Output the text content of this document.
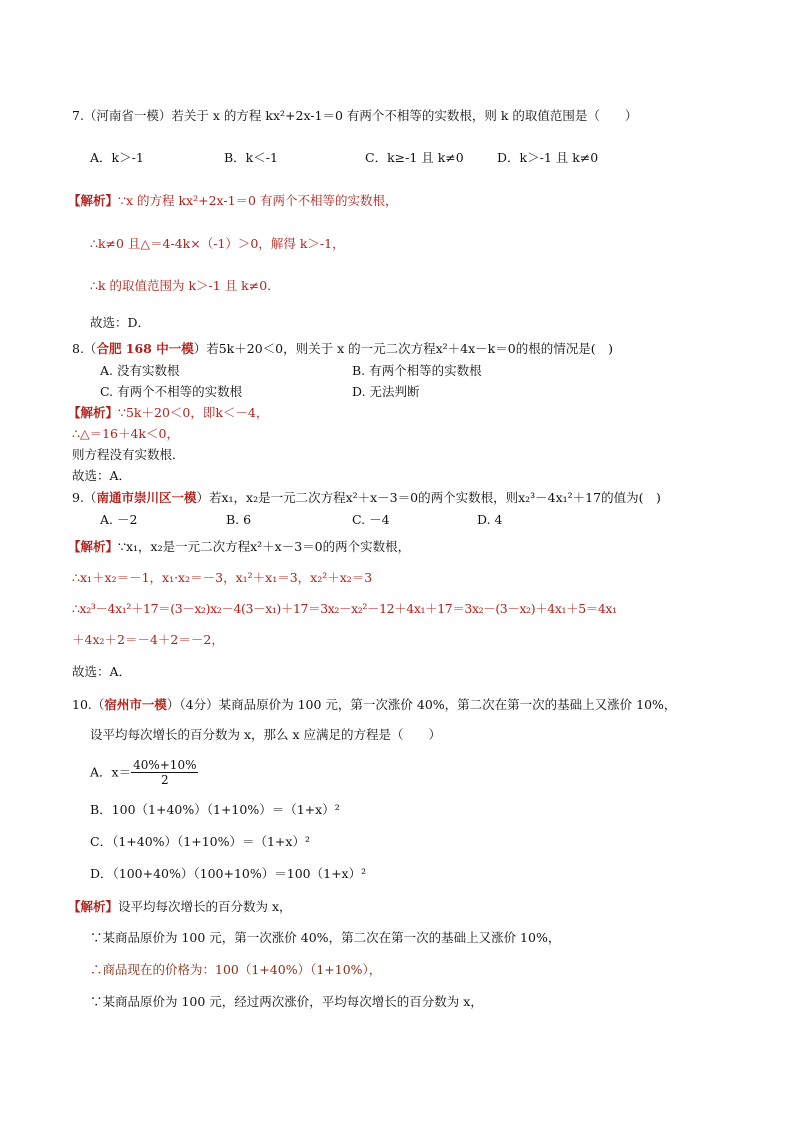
7.（河南省一模）若关于 x 的方程 kx²+2x-1＝0 有两个不相等的实数根，则 k 的取值范围是（　　）
A．k＞-1	B．k＜-1	C．k≥-1 且 k≠0	D．k＞-1 且 k≠0
【解析】∵x 的方程 kx²+2x-1＝0 有两个不相等的实数根，
∴k≠0 且△＝4-4k×（-1）＞0，解得 k＞-1，
∴k 的取值范围为 k＞-1 且 k≠0．
故选：D．
8.（合肥 168 中一模）若5k＋20＜0，则关于 x 的一元二次方程x²＋4x－k＝0的根的情况是(　)
A. 没有实数根	B. 有两个相等的实数根
C. 有两个不相等的实数根	D. 无法判断
【解析】∵5k＋20＜0，即k＜－4，
∴△＝16＋4k＜0，
则方程没有实数根．
故选：A．
9.（南通市崇川区一模）若x₁，x₂是一元二次方程x²＋x－3＝0的两个实数根，则x₂³－4x₁²＋17的值为(　)
A. －2	B. 6	C. －4	D. 4
【解析】∵x₁，x₂是一元二次方程x²＋x－3＝0的两个实数根，
∴x₁＋x₂＝－1，x₁·x₂＝－3，x₁²＋x₁＝3，x₂²＋x₂＝3
∴x₂³－4x₁²＋17＝(3－x₂)x₂－4(3－x₁)＋17＝3x₂－x₂²－12＋4x₁＋17＝3x₂－(3－x₂)＋4x₁＋5＝4x₁
＋4x₂＋2＝－4＋2＝－2，
故选：A．
10.（宿州市一模）（4分）某商品原价为 100 元，第一次涨价 40%，第二次在第一次的基础上又涨价 10%，
设平均每次增长的百分数为 x，那么 x 应满足的方程是（　　）
A．$x= \frac{40\%+10\%}{2}$
B．100（1+40%）（1+10%）＝（1+x）²
C．（1+40%）（1+10%）＝（1+x）²
D．（100+40%）（100+10%）＝100（1+x）²
【解析】设平均每次增长的百分数为 x，
∵某商品原价为 100 元，第一次涨价 40%，第二次在第一次的基础上又涨价 10%，
∴商品现在的价格为：100（1+40%）（1+10%），
∵某商品原价为 100 元，经过两次涨价，平均每次增长的百分数为 x，
